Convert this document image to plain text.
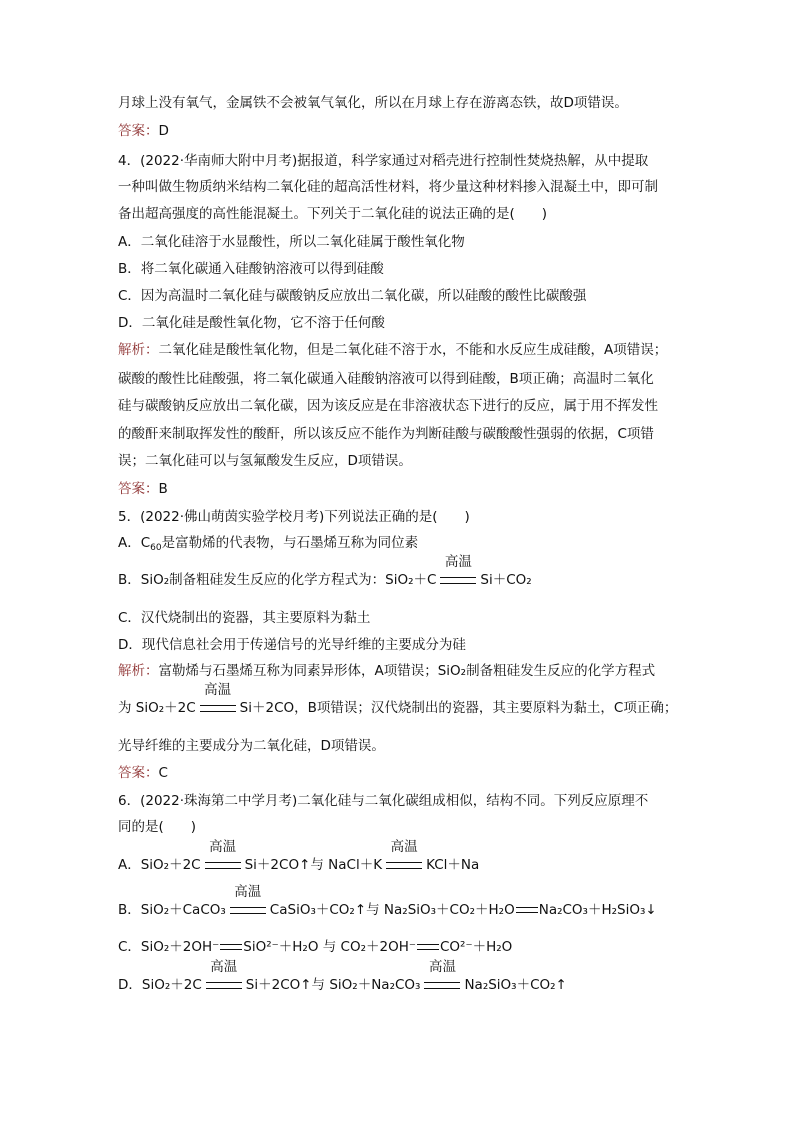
月球上没有氧气，金属铁不会被氧气氧化，所以在月球上存在游离态铁，故D项错误。
答案：D
4．(2022·华南师大附中月考)据报道，科学家通过对稻壳进行控制性焚烧热解，从中提取
一种叫做生物质纳米结构二氧化硅的超高活性材料，将少量这种材料掺入混凝土中，即可制
备出超高强度的高性能混凝土。下列关于二氧化硅的说法正确的是(　　)
A．二氧化硅溶于水显酸性，所以二氧化硅属于酸性氧化物
B．将二氧化碳通入硅酸钠溶液可以得到硅酸
C．因为高温时二氧化硅与碳酸钠反应放出二氧化碳，所以硅酸的酸性比碳酸强
D．二氧化硅是酸性氧化物，它不溶于任何酸
解析：二氧化硅是酸性氧化物，但是二氧化硅不溶于水，不能和水反应生成硅酸，A项错误；
碳酸的酸性比硅酸强，将二氧化碳通入硅酸钠溶液可以得到硅酸，B项正确；高温时二氧化
硅与碳酸钠反应放出二氧化碳，因为该反应是在非溶液状态下进行的反应，属于用不挥发性
的酸酐来制取挥发性的酸酐，所以该反应不能作为判断硅酸与碳酸酸性强弱的依据，C项错
误；二氧化硅可以与氢氟酸发生反应，D项错误。
答案：B
5．(2022·佛山萌茵实验学校月考)下列说法正确的是(　　)
A．$C_{60}$是富勒烯的代表物，与石墨烯互称为同位素
B．SiO₂制备粗硅发生反应的化学方程式为：SiO₂＋C
高温
Si＋CO₂
C．汉代烧制出的瓷器，其主要原料为黏土
D．现代信息社会用于传递信号的光导纤维的主要成分为硅
解析：富勒烯与石墨烯互称为同素异形体，A项错误；SiO₂制备粗硅发生反应的化学方程式
为 SiO₂＋2C
高温
Si＋2CO，B项错误；汉代烧制出的瓷器，其主要原料为黏土，C项正确；
光导纤维的主要成分为二氧化硅，D项错误。
答案：C
6．(2022·珠海第二中学月考)二氧化硅与二氧化碳组成相似，结构不同。下列反应原理不
同的是(　　)
A．SiO₂＋2C
高温
Si＋2CO↑与 NaCl＋K
高温
KCl＋Na
B．SiO₂＋CaCO₃
高温
CaSiO₃＋CO₂↑与 Na₂SiO₃＋CO₂＋H₂O Na₂CO₃＋H₂SiO₃↓
C．SiO₂＋2OH⁻ SiO²⁻＋H₂O 与 CO₂＋2OH⁻ CO²⁻＋H₂O
D．SiO₂＋2C
高温
Si＋2CO↑与 SiO₂＋Na₂CO₃
高温
Na₂SiO₃＋CO₂↑
